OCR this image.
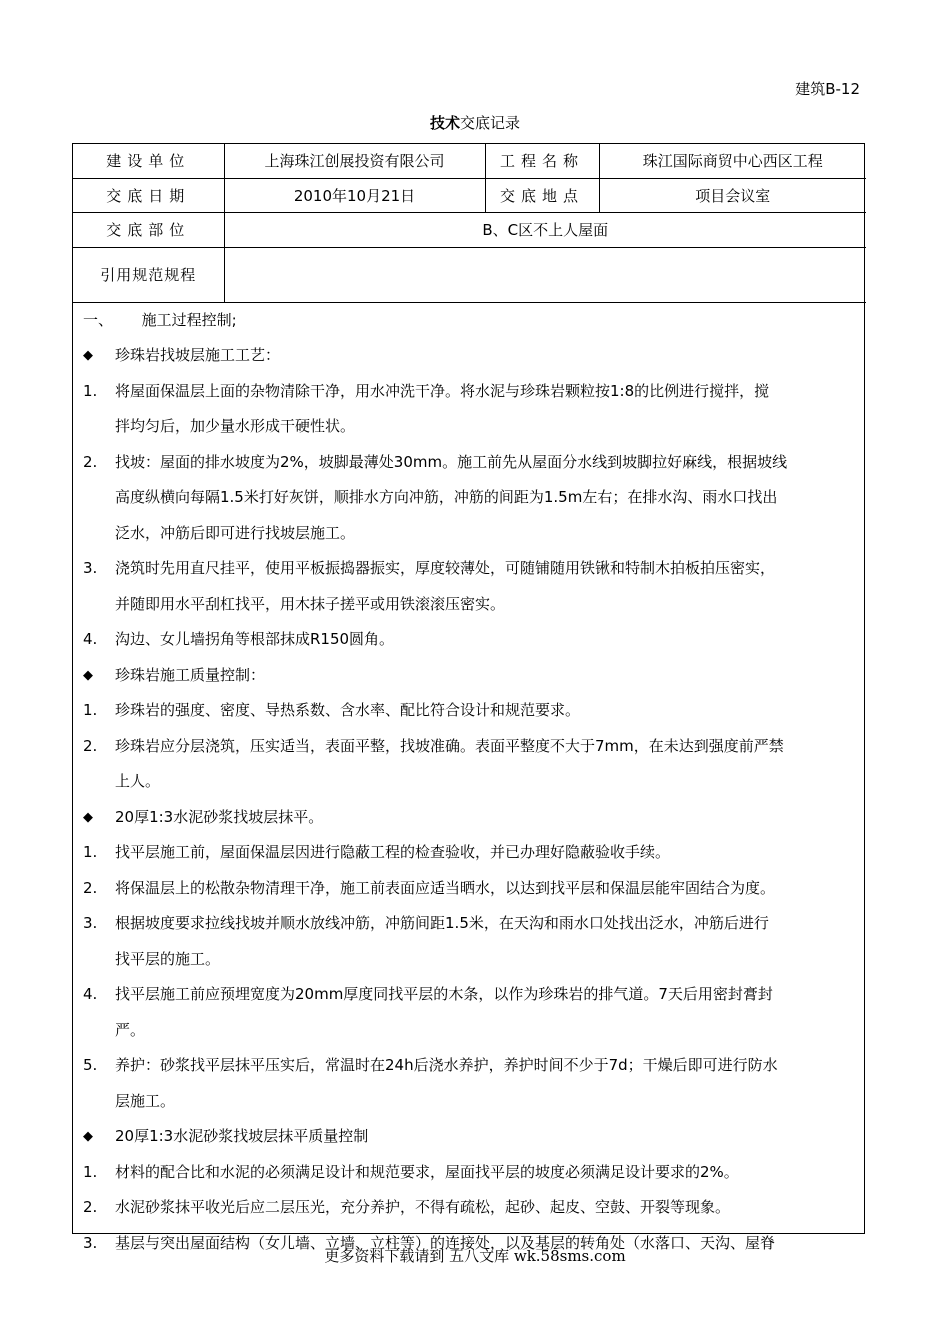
建筑B-12
技术交底记录
建设单位	上海珠江创展投资有限公司	工程名称	珠江国际商贸中心西区工程
交底日期	2010年10月21日	交底地点	项目会议室
交底部位	B、C区不上人屋面		
引用规范规程			
一、      施工过程控制;
◆ 珍珠岩找坡层施工工艺：
1. 将屋面保温层上面的杂物清除干净，用水冲洗干净。将水泥与珍珠岩颗粒按1:8的比例进行搅拌，搅
拌均匀后，加少量水形成干硬性状。
2. 找坡：屋面的排水坡度为2%，坡脚最薄处30mm。施工前先从屋面分水线到坡脚拉好麻线，根据坡线
高度纵横向每隔1.5米打好灰饼，顺排水方向冲筋，冲筋的间距为1.5m左右；在排水沟、雨水口找出
泛水，冲筋后即可进行找坡层施工。
3. 浇筑时先用直尺挂平，使用平板振捣器振实，厚度较薄处，可随铺随用铁锹和特制木拍板拍压密实，
并随即用水平刮杠找平，用木抹子搓平或用铁滚滚压密实。
4. 沟边、女儿墙拐角等根部抹成R150圆角。
◆ 珍珠岩施工质量控制：
1. 珍珠岩的强度、密度、导热系数、含水率、配比符合设计和规范要求。
2. 珍珠岩应分层浇筑，压实适当，表面平整，找坡准确。表面平整度不大于7mm，在未达到强度前严禁
上人。
◆ 20厚1:3水泥砂浆找坡层抹平。
1. 找平层施工前，屋面保温层因进行隐蔽工程的检查验收，并已办理好隐蔽验收手续。
2. 将保温层上的松散杂物清理干净，施工前表面应适当晒水，以达到找平层和保温层能牢固结合为度。
3. 根据坡度要求拉线找坡并顺水放线冲筋，冲筋间距1.5米，在天沟和雨水口处找出泛水，冲筋后进行
找平层的施工。
4. 找平层施工前应预埋宽度为20mm厚度同找平层的木条，以作为珍珠岩的排气道。7天后用密封膏封
严。
5. 养护：砂浆找平层抹平压实后，常温时在24h后浇水养护，养护时间不少于7d；干燥后即可进行防水
层施工。
◆ 20厚1:3水泥砂浆找坡层抹平质量控制
1. 材料的配合比和水泥的必须满足设计和规范要求，屋面找平层的坡度必须满足设计要求的2%。
2. 水泥砂浆抹平收光后应二层压光，充分养护，不得有疏松，起砂、起皮、空鼓、开裂等现象。
3. 基层与突出屋面结构（女儿墙、立墙、立柱等）的连接处，以及基层的转角处（水落口、天沟、屋脊
更多资料下载请到 五八文库 wk.58sms.com
